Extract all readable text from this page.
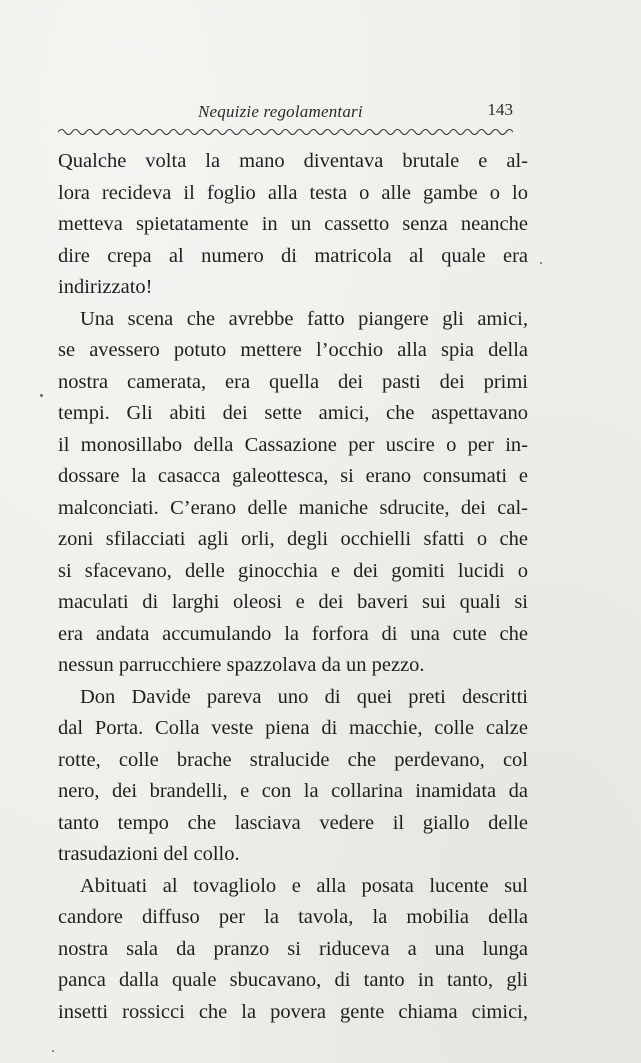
Nequizie regolamentari	143
Qualche volta la mano diventava brutale e al-
lora recideva il foglio alla testa o alle gambe o lo
metteva spietatamente in un cassetto senza neanche
dire crepa al numero di matricola al quale era
indirizzato!
Una scena che avrebbe fatto piangere gli amici,
se avessero potuto mettere l’occhio alla spia della
nostra camerata, era quella dei pasti dei primi
tempi. Gli abiti dei sette amici, che aspettavano
il monosillabo della Cassazione per uscire o per in-
dossare la casacca galeottesca, si erano consumati e
malconciati. C’erano delle maniche sdrucite, dei cal-
zoni sfilacciati agli orli, degli occhielli sfatti o che
si sfacevano, delle ginocchia e dei gomiti lucidi o
maculati di larghi oleosi e dei baveri sui quali si
era andata accumulando la forfora di una cute che
nessun parrucchiere spazzolava da un pezzo.
Don Davide pareva uno di quei preti descritti
dal Porta. Colla veste piena di macchie, colle calze
rotte, colle brache stralucide che perdevano, col
nero, dei brandelli, e con la collarina inamidata da
tanto tempo che lasciava vedere il giallo delle
trasudazioni del collo.
Abituati al tovagliolo e alla posata lucente sul
candore diffuso per la tavola, la mobilia della
nostra sala da pranzo si riduceva a una lunga
panca dalla quale sbucavano, di tanto in tanto, gli
insetti rossicci che la povera gente chiama cimici,
